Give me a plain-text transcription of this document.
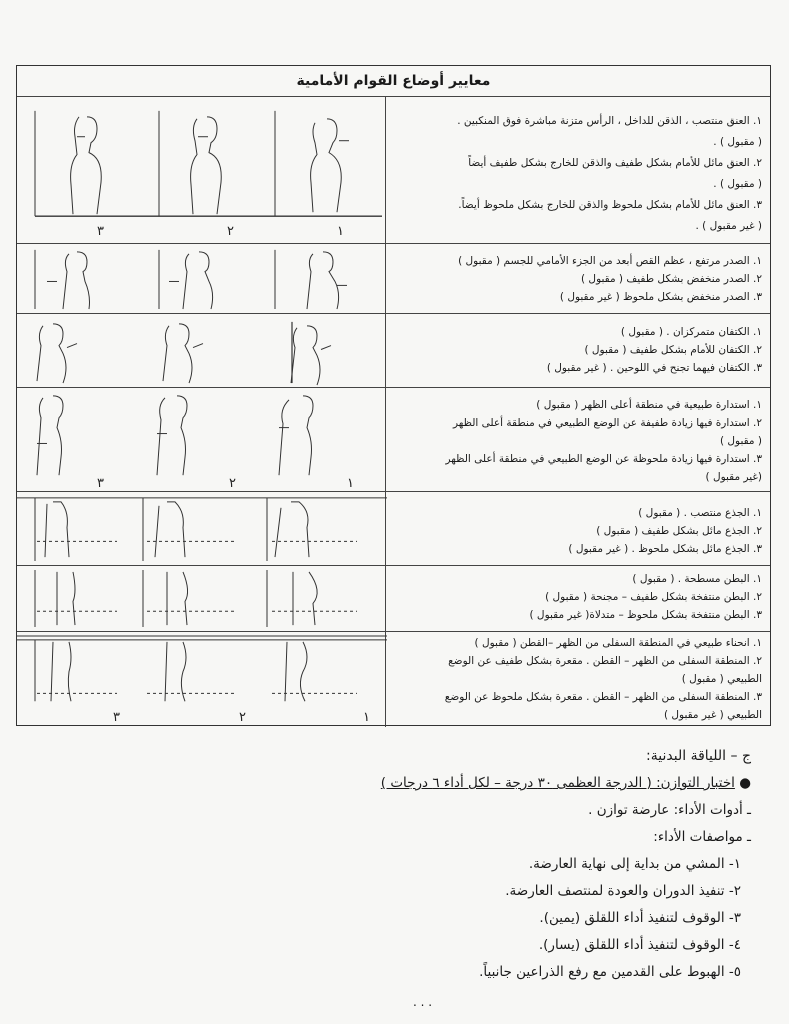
معايير أوضاع القوام الأمامية
١. العنق منتصب ، الذقن للداخل ، الرأس متزنة مباشرة فوق المنكبين .
( مقبول ) .
٢. العنق مائل للأمام بشكل طفيف والذقن للخارج بشكل طفيف أيضاً
( مقبول ) .
٣. العنق مائل للأمام بشكل ملحوظ والذقن للخارج بشكل ملحوظ أيضاً.
( غير مقبول ) .
١
٢
٣
١. الصدر مرتفع ، عظم القص أبعد من الجزء الأمامي للجسم ( مقبول )
٢. الصدر منخفض بشكل طفيف ( مقبول )
٣. الصدر منخفض بشكل ملحوظ ( غير مقبول )
١. الكتفان متمركزان . ( مقبول )
٢. الكتفان للأمام بشكل طفيف ( مقبول )
٣. الكتفان فيهما تجنح في اللوحين . ( غير مقبول )
١. استدارة طبيعية في منطقة أعلى الظهر ( مقبول )
٢. استدارة فيها زيادة طفيفة عن الوضع الطبيعي في منطقة أعلى الظهر
( مقبول )
٣. استدارة فيها زيادة ملحوظة عن الوضع الطبيعي في منطقة أعلى الظهر
(غير مقبول )
١
٢
٣
١. الجذع منتصب . ( مقبول )
٢. الجذع مائل بشكل طفيف ( مقبول )
٣. الجذع مائل بشكل ملحوظ . ( غير مقبول )
١. البطن مسطحة . ( مقبول )
٢. البطن منتفخة بشكل طفيف – مجنحة ( مقبول )
٣. البطن منتفخة بشكل ملحوظ – متدلاة( غير مقبول )
١. انحناء طبيعي في المنطقة السفلى من الظهر –القطن ( مقبول )
٢. المنطقة السفلى من الظهر – القطن . مقعرة بشكل طفيف عن الوضع
الطبيعي ( مقبول )
٣. المنطقة السفلى من الظهر – القطن . مقعرة بشكل ملحوظ عن الوضع
الطبيعي ( غير مقبول )
١
٢
٣
ج – اللياقة البدنية:
● اختبار التوازن: ( الدرجة العظمى ٣٠ درجة – لكل أداء ٦ درجات )
ـ أدوات الأداء: عارضة توازن .
ـ مواصفات الأداء:
١- المشي من بداية إلى نهاية العارضة.
٢- تنفيذ الدوران والعودة لمنتصف العارضة.
٣- الوقوف لتنفيذ أداء اللقلق (يمين).
٤- الوقوف لتنفيذ أداء اللقلق (يسار).
٥- الهبوط على القدمين مع رفع الذراعين جانبياً.
. . .
